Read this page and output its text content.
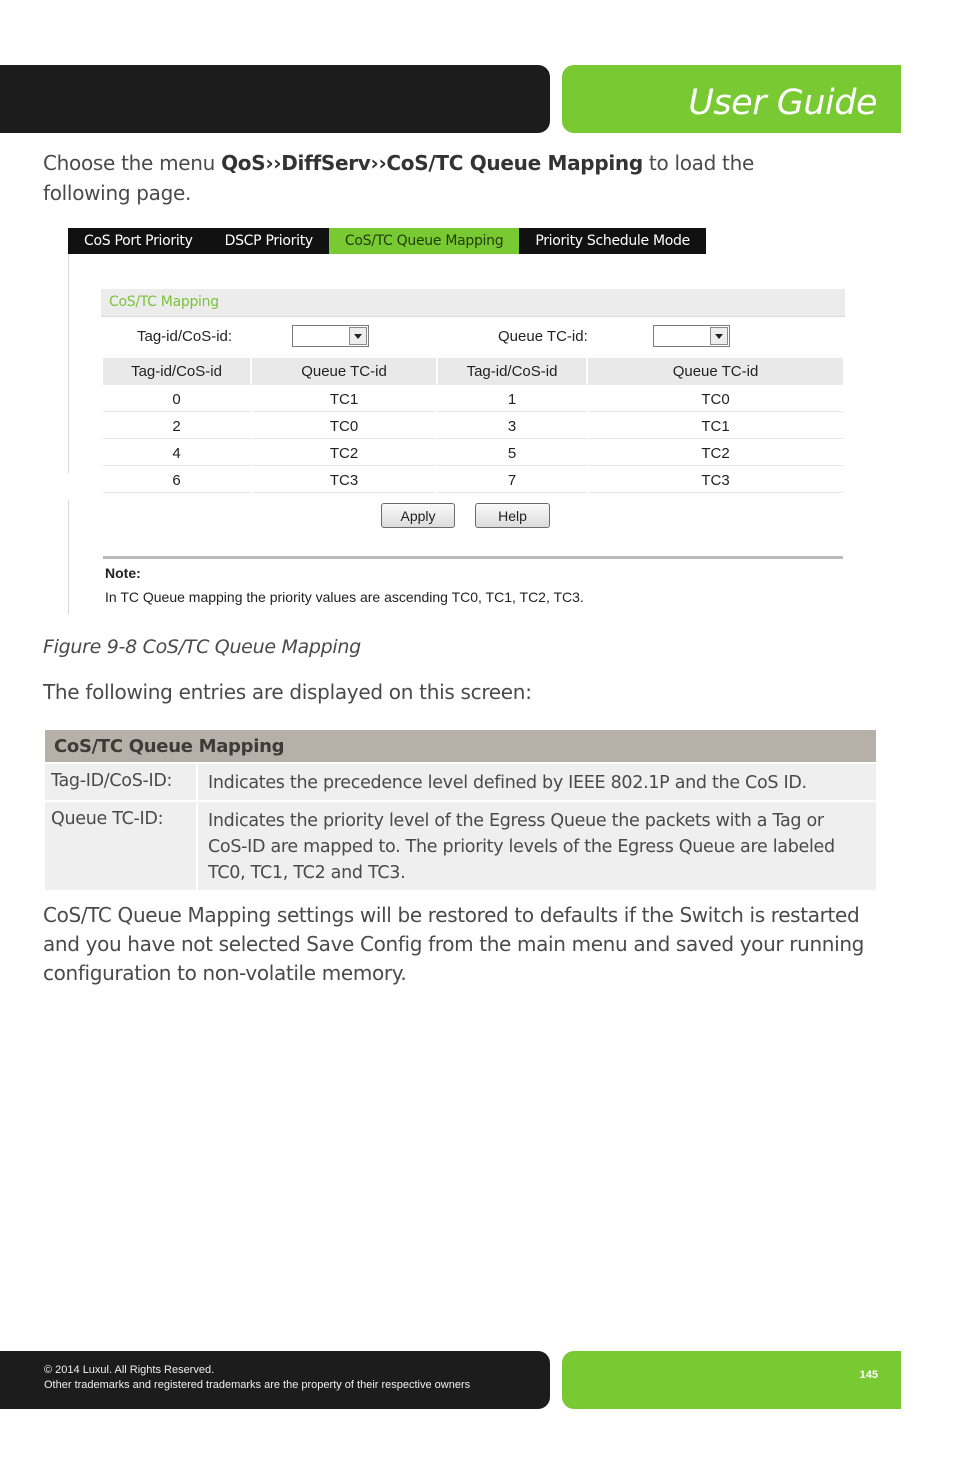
User Guide

Choose the menu QoS››DiffServ››CoS/TC Queue Mapping to load the following page.

CoS Port Priority	DSCP Priority	CoS/TC Queue Mapping	Priority Schedule Mode
CoS/TC Mapping
Tag-id/CoS-id:	Queue TC-id:
Tag-id/CoS-id	Queue TC-id	Tag-id/CoS-id	Queue TC-id
0	TC1	1	TC0
2	TC0	3	TC1
4	TC2	5	TC2
6	TC3	7	TC3
Apply	Help
Note:
In TC Queue mapping the priority values are ascending TC0, TC1, TC2, TC3.
Figure 9-8 CoS/TC Queue Mapping
The following entries are displayed on this screen:
CoS/TC Queue Mapping	
Tag-ID/CoS-ID:	Indicates the precedence level defined by IEEE 802.1P and the CoS ID.
Queue TC-ID:	Indicates the priority level of the Egress Queue the packets with a Tag or CoS-ID are mapped to. The priority levels of the Egress Queue are labeled TC0, TC1, TC2 and TC3.

CoS/TC Queue Mapping settings will be restored to defaults if the Switch is restarted and you have not selected Save Config from the main menu and saved your running configuration to non-volatile memory.

© 2014 Luxul. All Rights Reserved.
Other trademarks and registered trademarks are the property of their respective owners
145
